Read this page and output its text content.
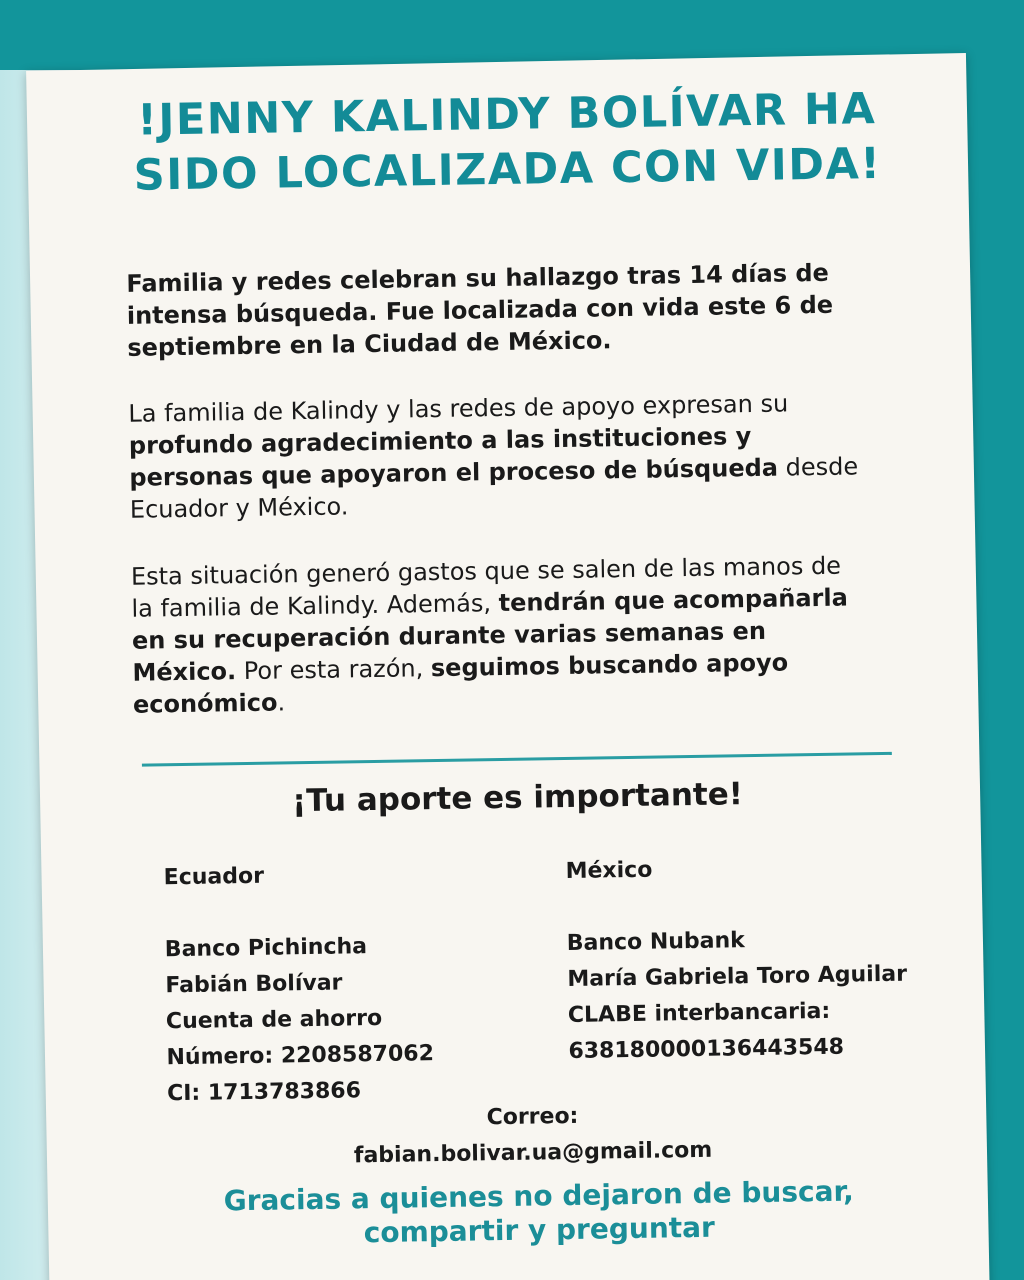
!JENNY KALINDY BOLÍVAR HA SIDO LOCALIZADA CON VIDA!

Familia y redes celebran su hallazgo tras 14 días de intensa búsqueda. Fue localizada con vida este 6 de septiembre en la Ciudad de México.

La familia de Kalindy y las redes de apoyo expresan su profundo agradecimiento a las instituciones y personas que apoyaron el proceso de búsqueda desde Ecuador y México.

Esta situación generó gastos que se salen de las manos de la familia de Kalindy. Además, tendrán que acompañarla en su recuperación durante varias semanas en México. Por esta razón, seguimos buscando apoyo económico.

¡Tu aporte es importante!
Ecuador
Banco Pichincha
Fabián Bolívar
Cuenta de ahorro
Número: 2208587062
CI: 1713783866
México
Banco Nubank
María Gabriela Toro Aguilar
CLABE interbancaria:
638180000136443548
Correo:
fabian.bolivar.ua@gmail.com

Gracias a quienes no dejaron de buscar, compartir y preguntar
